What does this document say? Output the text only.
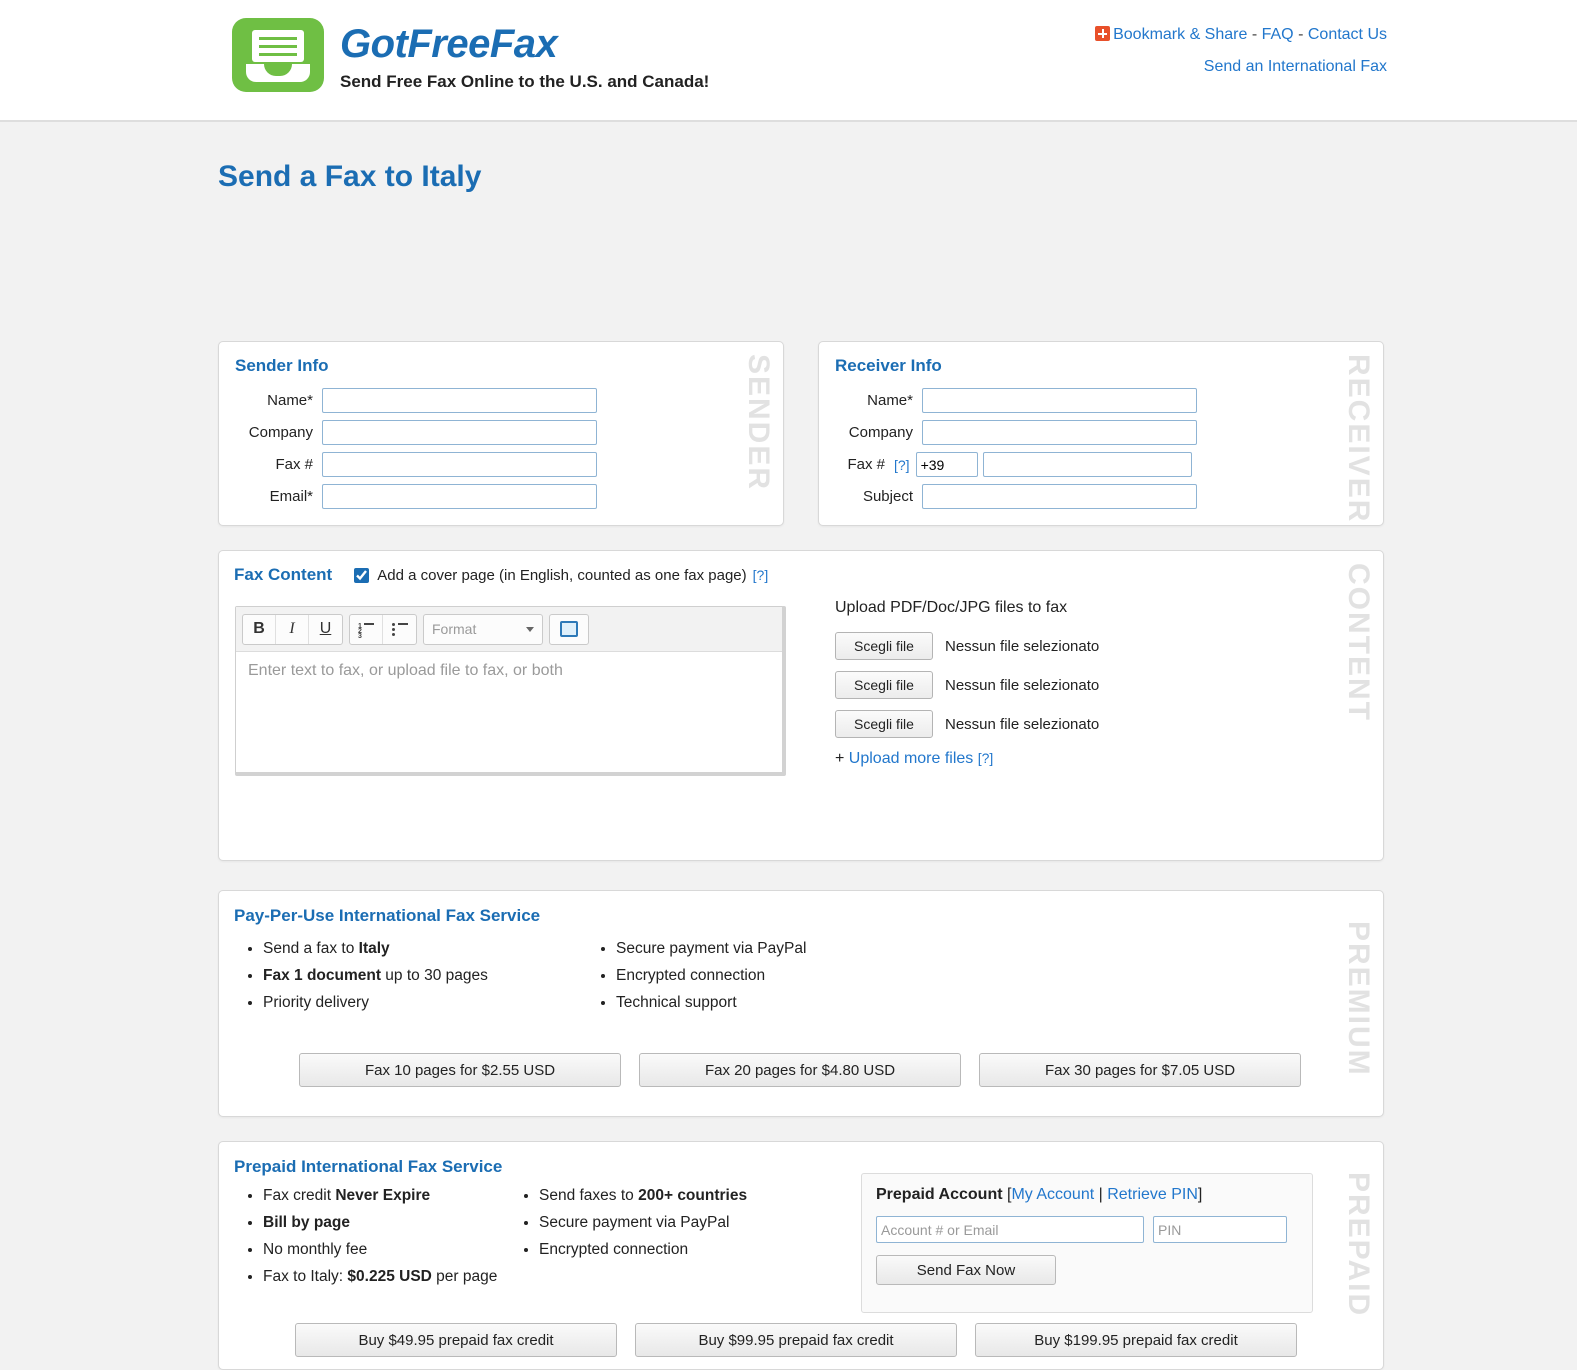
GotFreeFax
Send Free Fax Online to the U.S. and Canada!
Bookmark & Share - FAQ - Contact Us
Send an International Fax
Send a Fax to Italy
SENDER
Sender Info
Name*
Company
Fax #
Email*	RECEIVER
Receiver Info
Name*
Company
Fax # [?]
+39
Subject
CONTENT
Fax Content	Add a cover page (in English, counted as one fax page) [?]
B	I	U	1
2
3	Format
Enter text to fax, or upload file to fax, or both
Upload PDF/Doc/JPG files to fax
Scegli file	Nessun file selezionato
Scegli file	Nessun file selezionato
Scegli file	Nessun file selezionato
+ Upload more files [?]
PREMIUM
Pay-Per-Use International Fax Service
• Send a fax to Italy
• Fax 1 document up to 30 pages
• Priority delivery
• Secure payment via PayPal
• Encrypted connection
• Technical support
Fax 10 pages for $2.55 USD	Fax 20 pages for $4.80 USD	Fax 30 pages for $7.05 USD
PREPAID
Prepaid International Fax Service
• Fax credit Never Expire
• Bill by page
• No monthly fee
• Fax to Italy: $0.225 USD per page
• Send faxes to 200+ countries
• Secure payment via PayPal
• Encrypted connection
Prepaid Account [My Account | Retrieve PIN]
Account # or Email
PIN
Send Fax Now
Buy $49.95 prepaid fax credit	Buy $99.95 prepaid fax credit	Buy $199.95 prepaid fax credit
